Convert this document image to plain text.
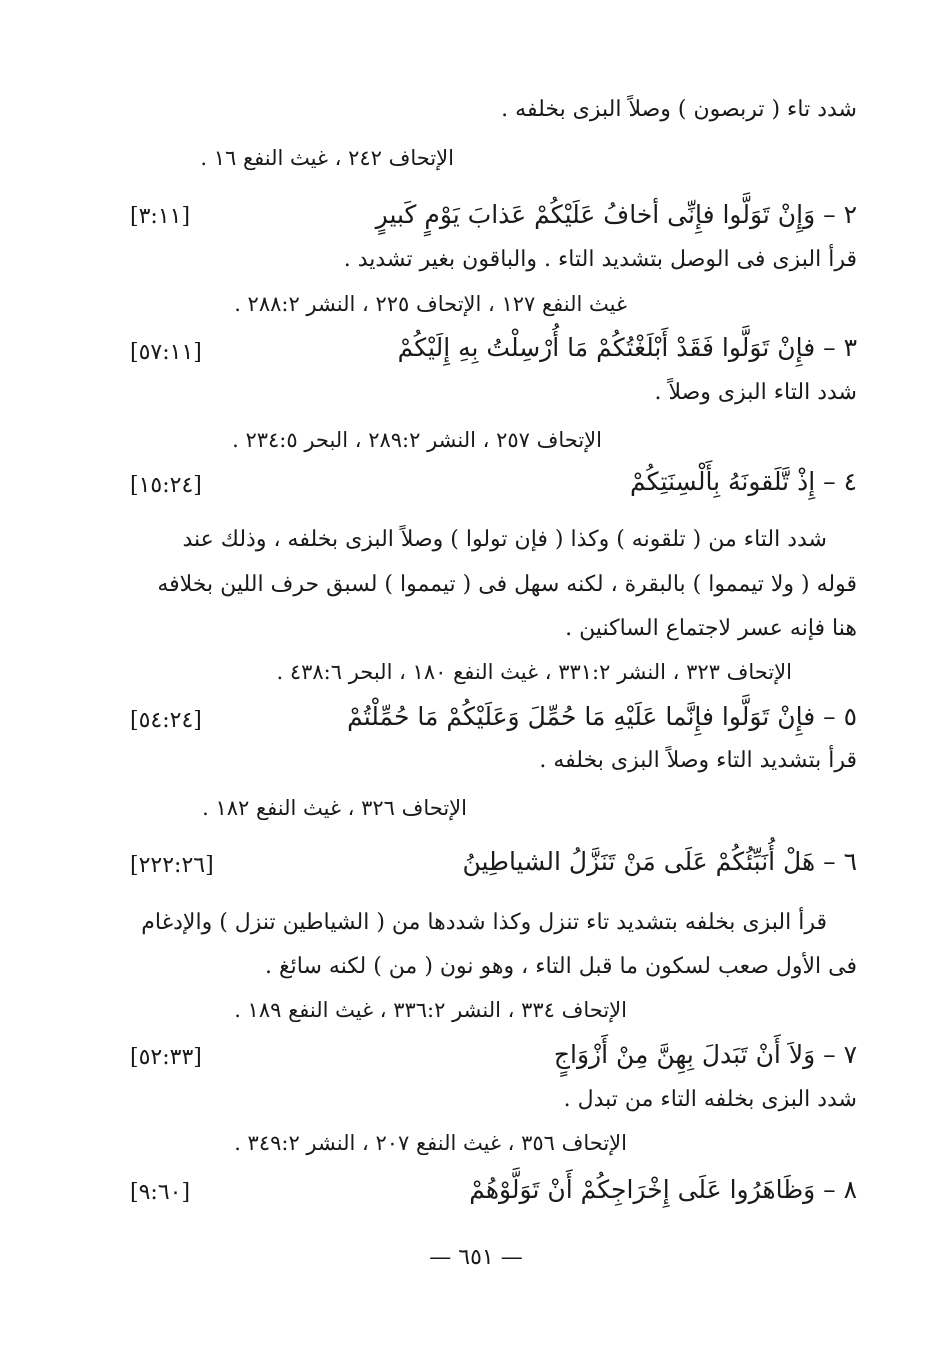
شدد تاء ( تربصون ) وصلاً البزى بخلفه .
الإتحاف ٢٤٢ ، غيث النفع ١٦ .
٢ – وَإِنْ تَوَلَّوا فإِنِّى أخافُ عَلَيْكُمْ عَذابَ يَوْمٍ كَبيرٍ
[٣:١١]
قرأ البزى فى الوصل بتشديد التاء . والباقون بغير تشديد .
غيث النفع ١٢٧ ، الإتحاف ٢٢٥ ، النشر ٢٨٨:٢ .
٣ – فإِنْ تَوَلَّوا فَقَدْ أَبْلَغْتُكُمْ مَا أُرْسِلْتُ بِهِ إِلَيْكُمْ
[٥٧:١١]
شدد التاء البزى وصلاً .
الإتحاف ٢٥٧ ، النشر ٢٨٩:٢ ، البحر ٢٣٤:٥ .
٤ – إِذْ تَّلَقونَهُ بِأَلْسِنَتِكُمْ
[١٥:٢٤]
شدد التاء من ( تلقونه ) وكذا ( فإن تولوا ) وصلاً البزى بخلفه ، وذلك عند
قوله ( ولا تيمموا ) بالبقرة ، لكنه سهل فى ( تيمموا ) لسبق حرف اللين بخلافه
هنا فإنه عسر لاجتماع الساكنين .
الإتحاف ٣٢٣ ، النشر ٣٣١:٢ ، غيث النفع ١٨٠ ، البحر ٤٣٨:٦ .
٥ – فإِنْ تَوَلَّوا فإِنَّما عَلَيْهِ مَا حُمِّلَ وَعَلَيْكُمْ مَا حُمِّلْتُمْ
[٥٤:٢٤]
قرأ بتشديد التاء وصلاً البزى بخلفه .
الإتحاف ٣٢٦ ، غيث النفع ١٨٢ .
٦ – هَلْ أُنَبِّئُكُمْ عَلَى مَنْ تَنَزَّلُ الشياطِينُ
[٢٢٢:٢٦]
قرأ البزى بخلفه بتشديد تاء تنزل وكذا شددها من ( الشياطين تنزل ) والإدغام
فى الأول صعب لسكون ما قبل التاء ، وهو نون ( من ) لكنه سائغ .
الإتحاف ٣٣٤ ، النشر ٣٣٦:٢ ، غيث النفع ١٨٩ .
٧ – وَلاَ أَنْ تَبَدلَ بِهِنَّ مِنْ أَزْوَاجٍ
[٥٢:٣٣]
شدد البزى بخلفه التاء من تبدل .
الإتحاف ٣٥٦ ، غيث النفع ٢٠٧ ، النشر ٣٤٩:٢ .
٨ – وَظَاهَرُوا عَلَى إِخْرَاجِكُمْ أَنْ تَوَلَّوْهُمْ
[٩:٦٠]
— ٦٥١ —
